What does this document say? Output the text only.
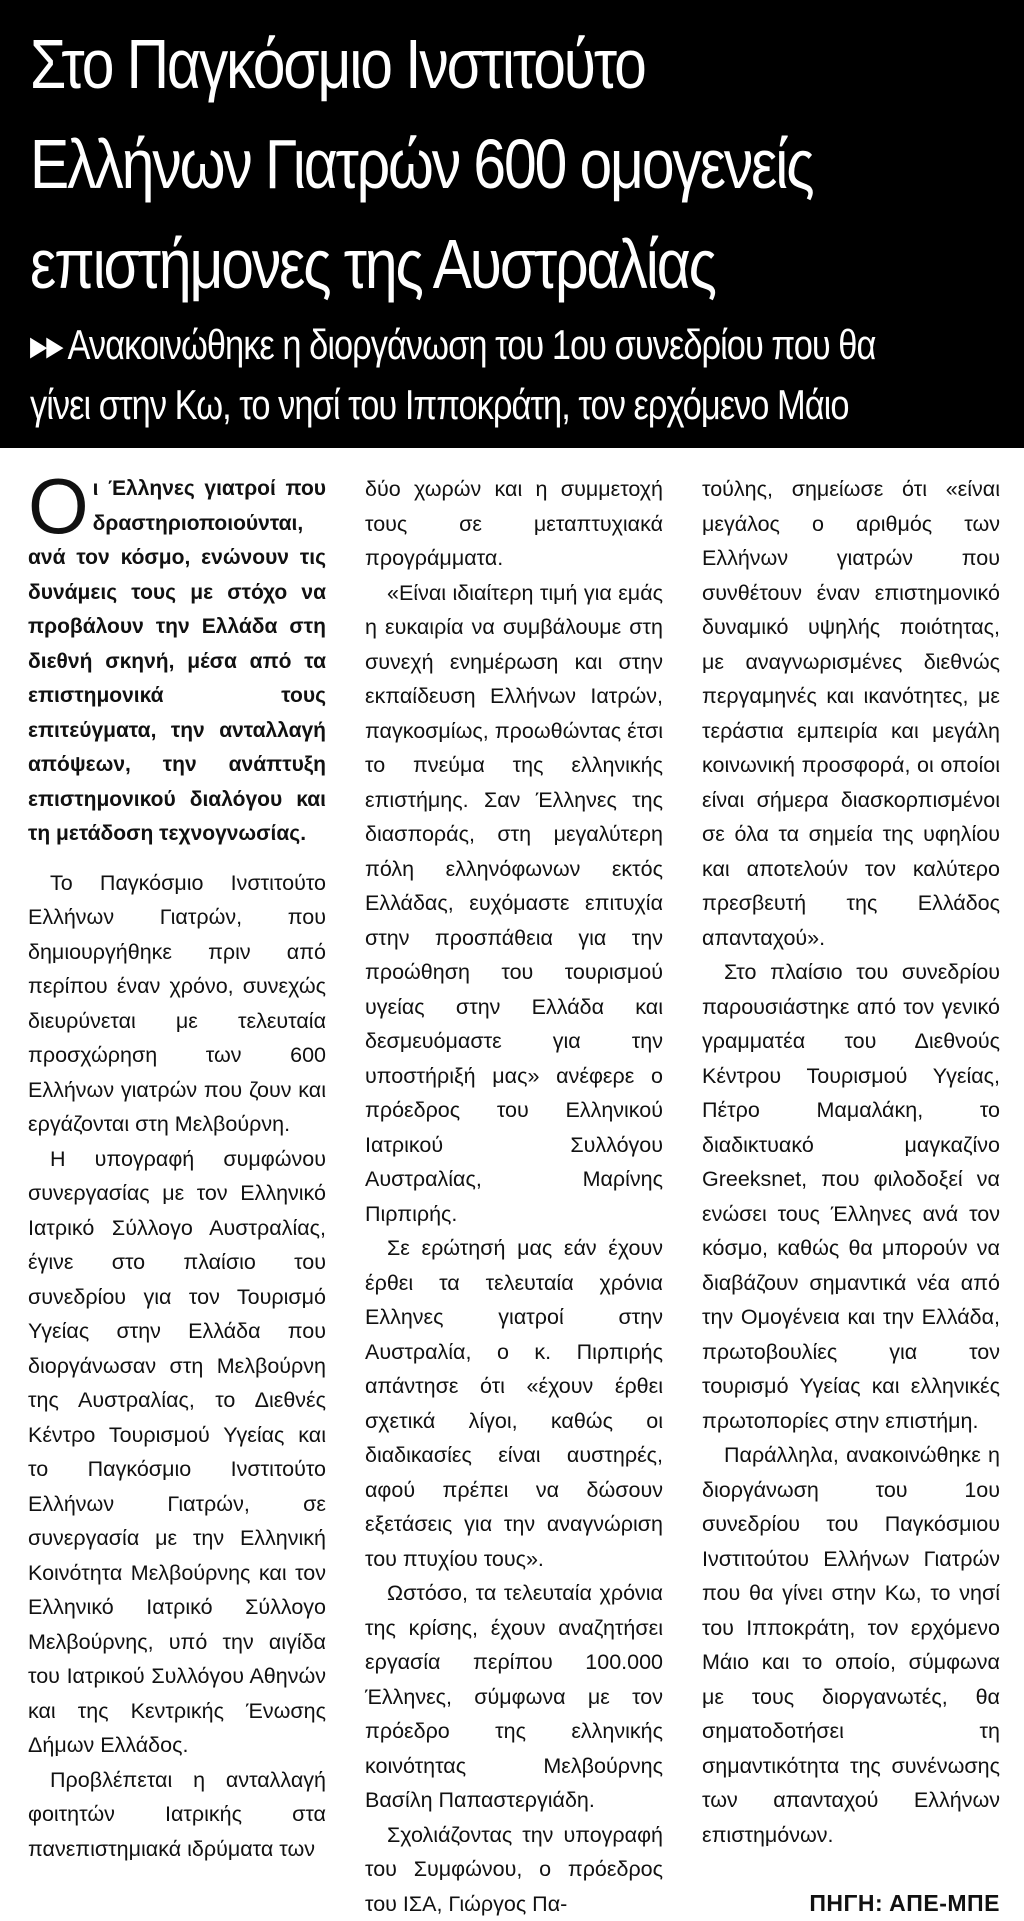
Στο Παγκόσμιο Ινστιτούτο
Ελλήνων Γιατρών 600 ομογενείς
επιστήμονες της Αυστραλίας
▸▸ Ανακοινώθηκε η διοργάνωση του 1ου συνεδρίου που θα
γίνει στην Κω, το νησί του Ιπποκράτη, τον ερχόμενο Μάιο

Οι Έλληνες γιατροί που δραστηριοποιούνται, ανά τον κόσμο, ενώνουν τις δυνάμεις τους με στόχο να προβάλουν την Ελλάδα στη διεθνή σκηνή, μέσα από τα επιστημονικά τους επιτεύγματα, την ανταλλαγή απόψεων, την ανάπτυξη επιστημονικού διαλόγου και τη μετάδοση τεχνογνωσίας.

Το Παγκόσμιο Ινστιτούτο Ελλήνων Γιατρών, που δημιουργήθηκε πριν από περίπου έναν χρόνο, συνεχώς διευρύνεται με τελευταία προσχώρηση των 600 Ελλήνων γιατρών που ζουν και εργάζονται στη Μελβούρνη.

Η υπογραφή συμφώνου συνεργασίας με τον Ελληνικό Ιατρικό Σύλλογο Αυστραλίας, έγινε στο πλαίσιο του συνεδρίου για τον Τουρισμό Υγείας στην Ελλάδα που διοργάνωσαν στη Μελβούρνη της Αυστραλίας, το Διεθνές Κέντρο Τουρισμού Υγείας και το Παγκόσμιο Ινστιτούτο Ελλήνων Γιατρών, σε συνεργασία με την Ελληνική Κοινότητα Μελβούρνης και τον Ελληνικό Ιατρικό Σύλλογο Μελβούρνης, υπό την αιγίδα του Ιατρικού Συλλόγου Αθηνών και της Κεντρικής Ένωσης Δήμων Ελλάδος.

Προβλέπεται η ανταλλαγή φοιτητών Ιατρικής στα πανεπιστημιακά ιδρύματα των

δύο χωρών και η συμμετοχή τους σε μεταπτυχιακά προγράμματα.

«Είναι ιδιαίτερη τιμή για εμάς η ευκαιρία να συμβάλουμε στη συνεχή ενημέρωση και στην εκπαίδευση Ελλήνων Ιατρών, παγκοσμίως, προωθώντας έτσι το πνεύμα της ελληνικής επιστήμης. Σαν Έλληνες της διασποράς, στη μεγαλύτερη πόλη ελληνόφωνων εκτός Ελλάδας, ευχόμαστε επιτυχία στην προσπάθεια για την προώθηση του τουρισμού υγείας στην Ελλάδα και δεσμευόμαστε για την υποστήριξή μας» ανέφερε ο πρόεδρος του Ελληνικού Ιατρικού Συλλόγου Αυστραλίας, Μαρίνης Πιρπιρής.

Σε ερώτησή μας εάν έχουν έρθει τα τελευταία χρόνια Ελληνες γιατροί στην Αυστραλία, ο κ. Πιρπιρής απάντησε ότι «έχουν έρθει σχετικά λίγοι, καθώς οι διαδικασίες είναι αυστηρές, αφού πρέπει να δώσουν εξετάσεις για την αναγνώριση του πτυχίου τους».

Ωστόσο, τα τελευταία χρόνια της κρίσης, έχουν αναζητήσει εργασία περίπου 100.000 Έλληνες, σύμφωνα με τον πρόεδρο της ελληνικής κοινότητας Μελβούρνης Βασίλη Παπαστεργιάδη.

Σχολιάζοντας την υπογραφή του Συμφώνου, ο πρόεδρος του ΙΣΑ, Γιώργος Πα-

τούλης, σημείωσε ότι «είναι μεγάλος ο αριθμός των Ελλήνων γιατρών που συνθέτουν έναν επιστημονικό δυναμικό υψηλής ποιότητας, με αναγνωρισμένες διεθνώς περγαμηνές και ικανότητες, με τεράστια εμπειρία και μεγάλη κοινωνική προσφορά, οι οποίοι είναι σήμερα διασκορπισμένοι σε όλα τα σημεία της υφηλίου και αποτελούν τον καλύτερο πρεσβευτή της Ελλάδος απανταχού».

Στο πλαίσιο του συνεδρίου παρουσιάστηκε από τον γενικό γραμματέα του Διεθνούς Κέντρου Τουρισμού Υγείας, Πέτρο Μαμαλάκη, το διαδικτυακό μαγκαζίνο Greeksnet, που φιλοδοξεί να ενώσει τους Έλληνες ανά τον κόσμο, καθώς θα μπορούν να διαβάζουν σημαντικά νέα από την Ομογένεια και την Ελλάδα, πρωτοβουλίες για τον τουρισμό Υγείας και ελληνικές πρωτοπορίες στην επιστήμη.

Παράλληλα, ανακοινώθηκε η διοργάνωση του 1ου συνεδρίου του Παγκόσμιου Ινστιτούτου Ελλήνων Γιατρών που θα γίνει στην Κω, το νησί του Ιπποκράτη, τον ερχόμενο Μάιο και το οποίο, σύμφωνα με τους διοργανωτές, θα σηματοδοτήσει τη σημαντικότητα της συνένωσης των απανταχού Ελλήνων επιστημόνων.

ΠΗΓΗ: ΑΠΕ-ΜΠΕ
